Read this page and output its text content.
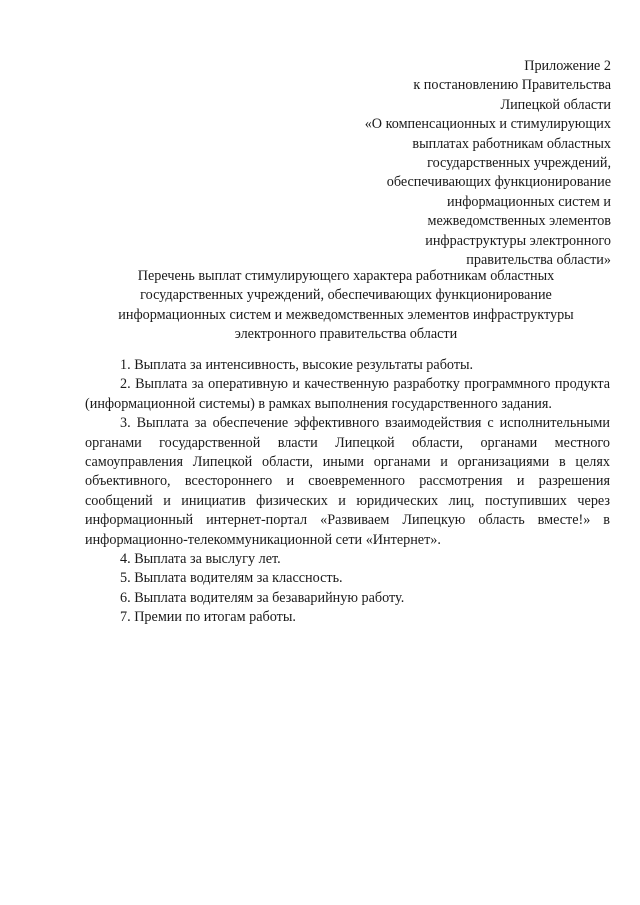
Приложение 2
к постановлению Правительства
Липецкой области
«О компенсационных и стимулирующих
выплатах работникам областных
государственных учреждений,
обеспечивающих функционирование
информационных систем и
межведомственных элементов
инфраструктуры электронного
правительства области»
Перечень выплат стимулирующего характера работникам областных
государственных учреждений, обеспечивающих функционирование
информационных систем и межведомственных элементов инфраструктуры
электронного правительства области

1. Выплата за интенсивность, высокие результаты работы.

2. Выплата за оперативную и качественную разработку программного продукта (информационной системы) в рамках выполнения государственного задания.

3. Выплата за обеспечение эффективного взаимодействия с исполнительными органами государственной власти Липецкой области, органами местного самоуправления Липецкой области, иными органами и организациями в целях объективного, всестороннего и своевременного рассмотрения и разрешения сообщений и инициатив физических и юридических лиц, поступивших через информационный интернет-портал «Развиваем Липецкую область вместе!» в информационно-телекоммуникационной сети «Интернет».

4. Выплата за выслугу лет.

5. Выплата водителям за классность.

6. Выплата водителям за безаварийную работу.

7. Премии по итогам работы.
